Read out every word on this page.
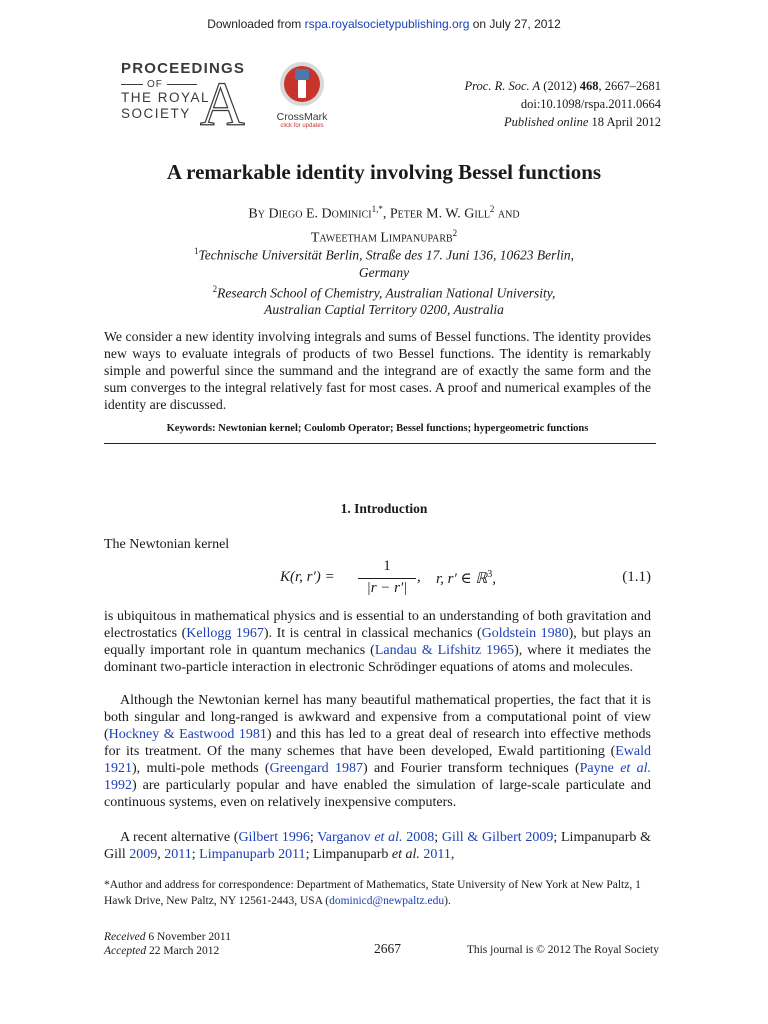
Downloaded from rspa.royalsocietypublishing.org on July 27, 2012
PROCEEDINGS
OF
THE ROYAL
SOCIETY A	CrossMark
click for updates
Proc. R. Soc. A (2012) 468, 2667–2681
doi:10.1098/rspa.2011.0664
Published online 18 April 2012
A remarkable identity involving Bessel functions
By Diego E. Dominici$^{1,*}$, Peter M. W. Gill$^2$ and
Taweetham Limpanuparb$^2$
$^1$Technische Universität Berlin, Straße des 17. Juni 136, 10623 Berlin,
Germany
$^2$Research School of Chemistry, Australian National University,
Australian Captial Territory 0200, Australia
We consider a new identity involving integrals and sums of Bessel functions. The identity provides new ways to evaluate integrals of products of two Bessel functions. The identity is remarkably simple and powerful since the summand and the integrand are of exactly the same form and the sum converges to the integral relatively fast for most cases. A proof and numerical examples of the identity are discussed.
Keywords: Newtonian kernel; Coulomb Operator; Bessel functions; hypergeometric functions
1. Introduction
The Newtonian kernel
K(r, r′) =
1
|r − r′|
, r, r′ ∈ ℝ$^3$,	(1.1)
is ubiquitous in mathematical physics and is essential to an understanding of both gravitation and electrostatics (Kellogg 1967). It is central in classical mechanics (Goldstein 1980), but plays an equally important role in quantum mechanics (Landau & Lifshitz 1965), where it mediates the dominant two-particle interaction in electronic Schrödinger equations of atoms and molecules.
Although the Newtonian kernel has many beautiful mathematical properties, the fact that it is both singular and long-ranged is awkward and expensive from a computational point of view (Hockney & Eastwood 1981) and this has led to a great deal of research into effective methods for its treatment. Of the many schemes that have been developed, Ewald partitioning (Ewald 1921), multi-pole methods (Greengard 1987) and Fourier transform techniques (Payne et al. 1992) are particularly popular and have enabled the simulation of large-scale particulate and continuous systems, even on relatively inexpensive computers.
A recent alternative (Gilbert 1996; Varganov et al. 2008; Gill & Gilbert 2009; Limpanuparb & Gill 2009, 2011; Limpanuparb 2011; Limpanuparb et al. 2011,
*Author and address for correspondence: Department of Mathematics, State University of New York at New Paltz, 1 Hawk Drive, New Paltz, NY 12561-2443, USA (dominicd@newpaltz.edu).
Received 6 November 2011
Accepted 22 March 2012	2667	This journal is © 2012 The Royal Society
